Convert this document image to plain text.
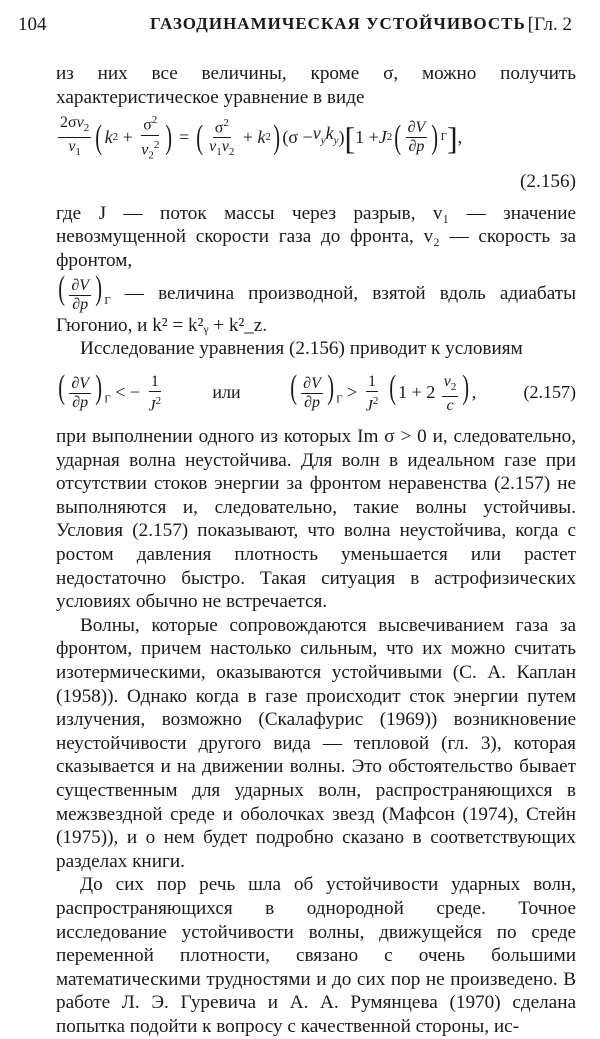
104	ГАЗОДИНАМИЧЕСКАЯ УСТОЙЧИВОСТЬ [Гл. 2

из них все величины, кроме σ, можно получить характеристическое уравнение в виде

$\frac{2\sigma v_2}{v_1}$ ( k $2 + \frac{\sigma^2}{v_2^2}$ ) = ( $\frac{\sigma^2}{v_1v_2} + k$ 2 ) ($\sigma - v_yk_y$ ) [ 1 + J 2 ( $\frac{\partial V}{\partial p}$ ) Г ] ,
(2.156)

где J — поток массы через разрыв, v₁ — значение невозмущенной скорости газа до фронта, v₂ — скорость за фронтом,

( $\frac{\partial V}{\partial p}$ ) $_Г$ — величина производной, взятой вдоль адиабаты Гюгонио, и k² = k²ᵧ + k²_z.

Исследование уравнения (2.156) приводит к условиям

( $\frac{\partial V}{\partial p}$ ) $_Г$ < − $\frac{1}{J^2}$	или ( $\frac{\partial V}{\partial p}$ ) $_Г > \frac{1}{J^2}$ ( $1 + 2 \frac{v_2}{c}$ ) ,	(2.157)

при выполнении одного из которых Im σ > 0 и, следовательно, ударная волна неустойчива. Для волн в идеальном газе при отсутствии стоков энергии за фронтом неравенства (2.157) не выполняются и, следовательно, такие волны устойчивы. Условия (2.157) показывают, что волна неустойчива, когда с ростом давления плотность уменьшается или растет недостаточно быстро. Такая ситуация в астрофизических условиях обычно не встречается.

Волны, которые сопровождаются высвечиванием газа за фронтом, причем настолько сильным, что их можно считать изотермическими, оказываются устойчивыми (С. А. Каплан (1958)). Однако когда в газе происходит сток энергии путем излучения, возможно (Скалафурис (1969)) возникновение неустойчивости другого вида — тепловой (гл. 3), которая сказывается и на движении волны. Это обстоятельство бывает существенным для ударных волн, распространяющихся в межзвездной среде и оболочках звезд (Мафсон (1974), Стейн (1975)), и о нем будет подробно сказано в соответствующих разделах книги.

До сих пор речь шла об устойчивости ударных волн, распространяющихся в однородной среде. Точное исследование устойчивости волны, движущейся по среде переменной плотности, связано с очень большими математическими трудностями и до сих пор не произведено. В работе Л. Э. Гуревича и А. А. Румянцева (1970) сделана попытка подойти к вопросу с качественной стороны, ис-
